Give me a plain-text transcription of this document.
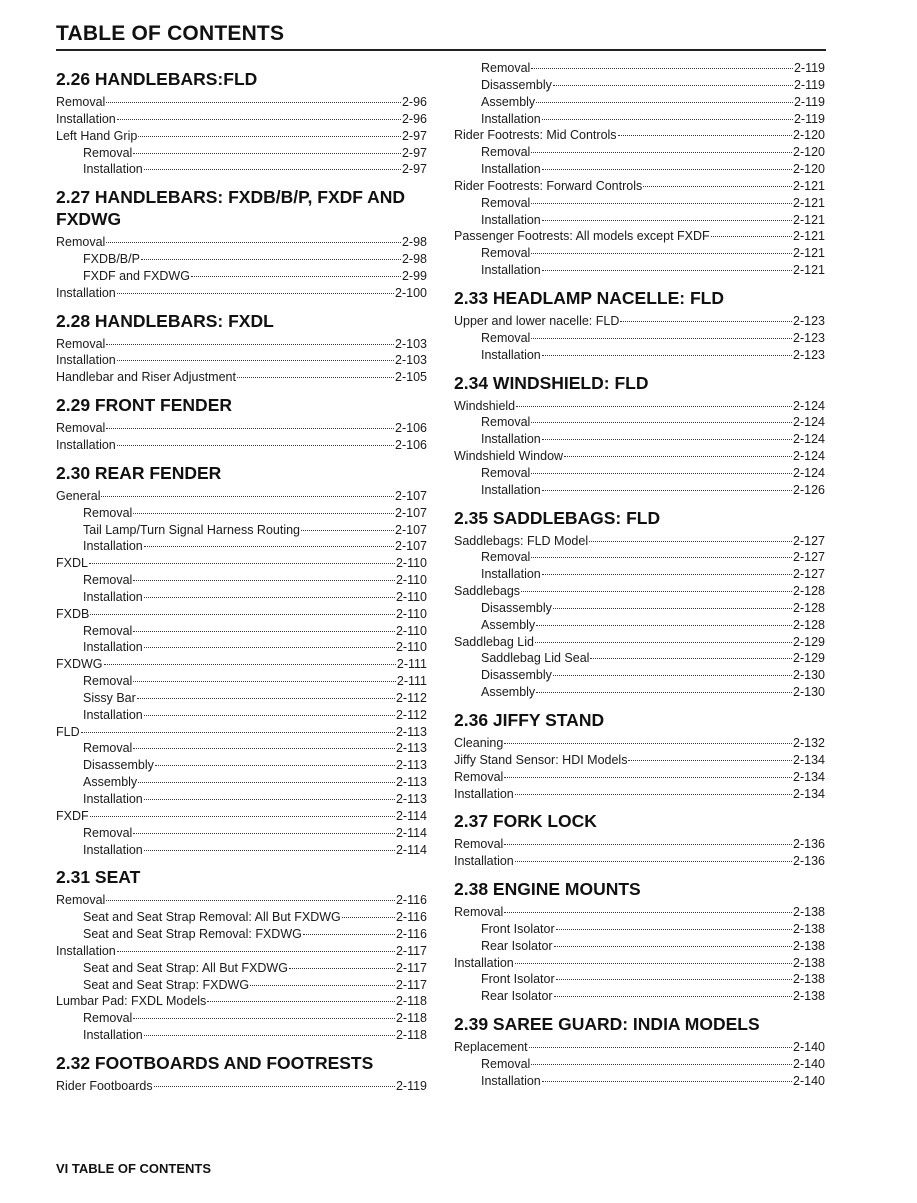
TABLE OF CONTENTS
2.26 HANDLEBARS:FLD
Removal	2-96
Installation	2-96
Left Hand Grip	2-97
Removal	2-97
Installation	2-97
2.27 HANDLEBARS: FXDB/B/P, FXDF AND FXDWG
Removal	2-98
FXDB/B/P	2-98
FXDF and FXDWG	2-99
Installation	2-100
2.28 HANDLEBARS: FXDL
Removal	2-103
Installation	2-103
Handlebar and Riser Adjustment	2-105
2.29 FRONT FENDER
Removal	2-106
Installation	2-106
2.30 REAR FENDER
General	2-107
Removal	2-107
Tail Lamp/Turn Signal Harness Routing	2-107
Installation	2-107
FXDL	2-110
Removal	2-110
Installation	2-110
FXDB	2-110
Removal	2-110
Installation	2-110
FXDWG	2-111
Removal	2-111
Sissy Bar	2-112
Installation	2-112
FLD	2-113
Removal	2-113
Disassembly	2-113
Assembly	2-113
Installation	2-113
FXDF	2-114
Removal	2-114
Installation	2-114
2.31 SEAT
Removal	2-116
Seat and Seat Strap Removal: All But FXDWG	2-116
Seat and Seat Strap Removal: FXDWG	2-116
Installation	2-117
Seat and Seat Strap: All But FXDWG	2-117
Seat and Seat Strap: FXDWG	2-117
Lumbar Pad: FXDL Models	2-118
Removal	2-118
Installation	2-118
2.32 FOOTBOARDS AND FOOTRESTS
Rider Footboards	2-119
Removal	2-119
Disassembly	2-119
Assembly	2-119
Installation	2-119
Rider Footrests: Mid Controls	2-120
Removal	2-120
Installation	2-120
Rider Footrests: Forward Controls	2-121
Removal	2-121
Installation	2-121
Passenger Footrests: All models except FXDF	2-121
Removal	2-121
Installation	2-121
2.33 HEADLAMP NACELLE: FLD
Upper and lower nacelle: FLD	2-123
Removal	2-123
Installation	2-123
2.34 WINDSHIELD: FLD
Windshield	2-124
Removal	2-124
Installation	2-124
Windshield Window	2-124
Removal	2-124
Installation	2-126
2.35 SADDLEBAGS: FLD
Saddlebags: FLD Model	2-127
Removal	2-127
Installation	2-127
Saddlebags	2-128
Disassembly	2-128
Assembly	2-128
Saddlebag Lid	2-129
Saddlebag Lid Seal	2-129
Disassembly	2-130
Assembly	2-130
2.36 JIFFY STAND
Cleaning	2-132
Jiffy Stand Sensor: HDI Models	2-134
Removal	2-134
Installation	2-134
2.37 FORK LOCK
Removal	2-136
Installation	2-136
2.38 ENGINE MOUNTS
Removal	2-138
Front Isolator	2-138
Rear Isolator	2-138
Installation	2-138
Front Isolator	2-138
Rear Isolator	2-138
2.39 SAREE GUARD: INDIA MODELS
Replacement	2-140
Removal	2-140
Installation	2-140
VI TABLE OF CONTENTS
